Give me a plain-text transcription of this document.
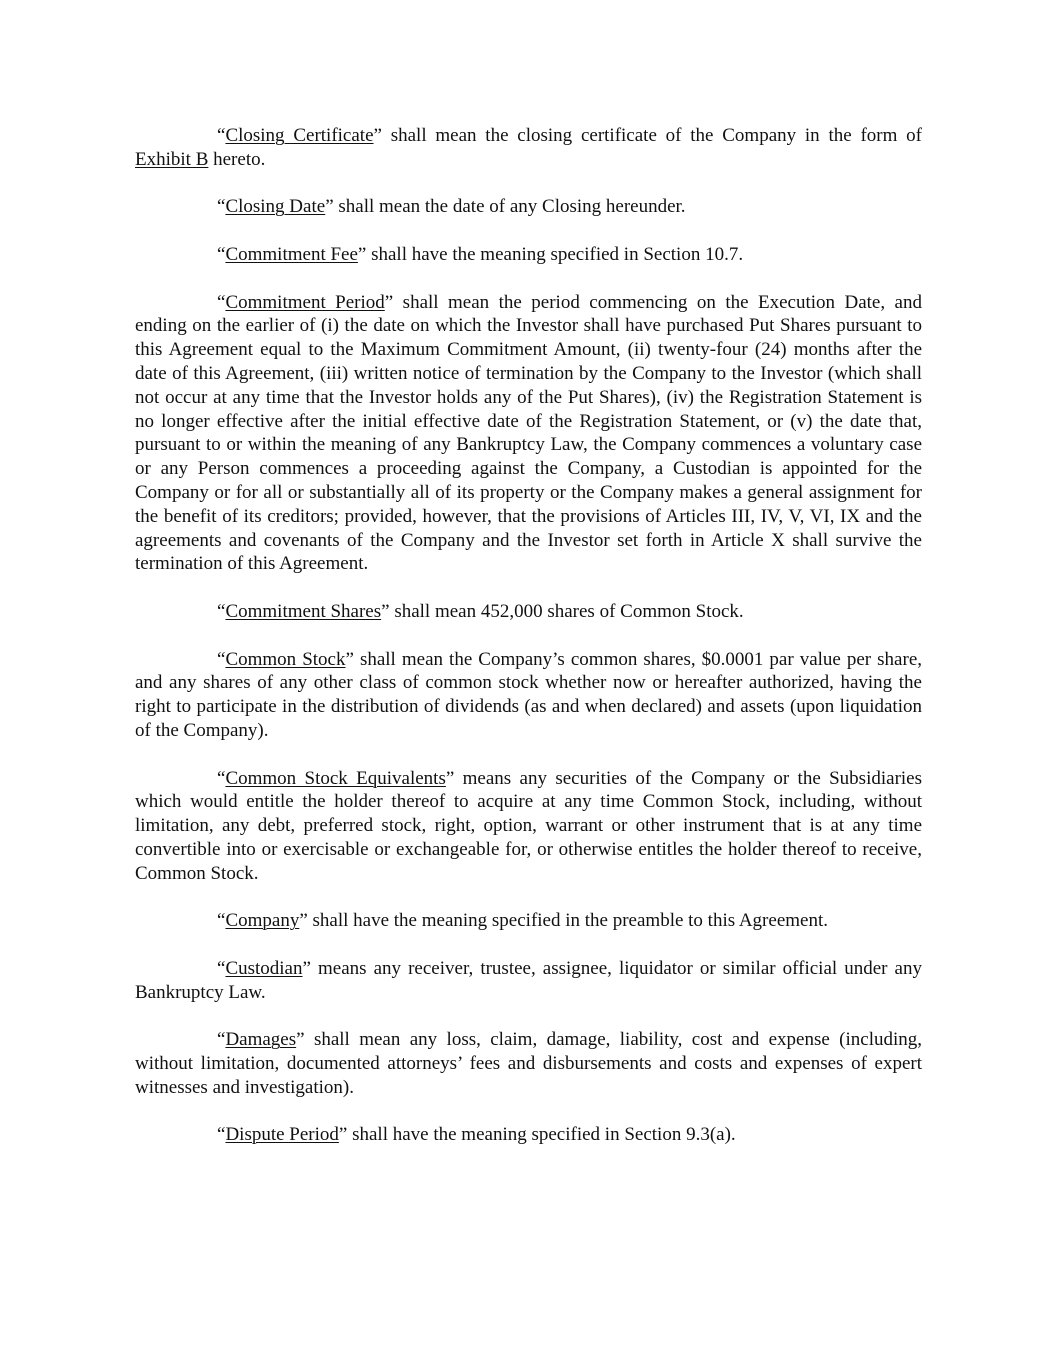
“Closing Certificate” shall mean the closing certificate of the Company in the form of Exhibit B hereto.

“Closing Date” shall mean the date of any Closing hereunder.

“Commitment Fee” shall have the meaning specified in Section 10.7.

“Commitment Period” shall mean the period commencing on the Execution Date, and ending on the earlier of (i) the date on which the Investor shall have purchased Put Shares pursuant to this Agreement equal to the Maximum Commitment Amount, (ii) twenty-four (24) months after the date of this Agreement, (iii) written notice of termination by the Company to the Investor (which shall not occur at any time that the Investor holds any of the Put Shares), (iv) the Registration Statement is no longer effective after the initial effective date of the Registration Statement, or (v) the date that, pursuant to or within the meaning of any Bankruptcy Law, the Company commences a voluntary case or any Person commences a proceeding against the Company, a Custodian is appointed for the Company or for all or substantially all of its property or the Company makes a general assignment for the benefit of its creditors; provided, however, that the provisions of Articles III, IV, V, VI, IX and the agreements and covenants of the Company and the Investor set forth in Article X shall survive the termination of this Agreement.

“Commitment Shares” shall mean 452,000 shares of Common Stock.

“Common Stock” shall mean the Company’s common shares, $0.0001 par value per share, and any shares of any other class of common stock whether now or hereafter authorized, having the right to participate in the distribution of dividends (as and when declared) and assets (upon liquidation of the Company).

“Common Stock Equivalents” means any securities of the Company or the Subsidiaries which would entitle the holder thereof to acquire at any time Common Stock, including, without limitation, any debt, preferred stock, right, option, warrant or other instrument that is at any time convertible into or exercisable or exchangeable for, or otherwise entitles the holder thereof to receive, Common Stock.

“Company” shall have the meaning specified in the preamble to this Agreement.

“Custodian” means any receiver, trustee, assignee, liquidator or similar official under any Bankruptcy Law.

“Damages” shall mean any loss, claim, damage, liability, cost and expense (including, without limitation, documented attorneys’ fees and disbursements and costs and expenses of expert witnesses and investigation).

“Dispute Period” shall have the meaning specified in Section 9.3(a).
